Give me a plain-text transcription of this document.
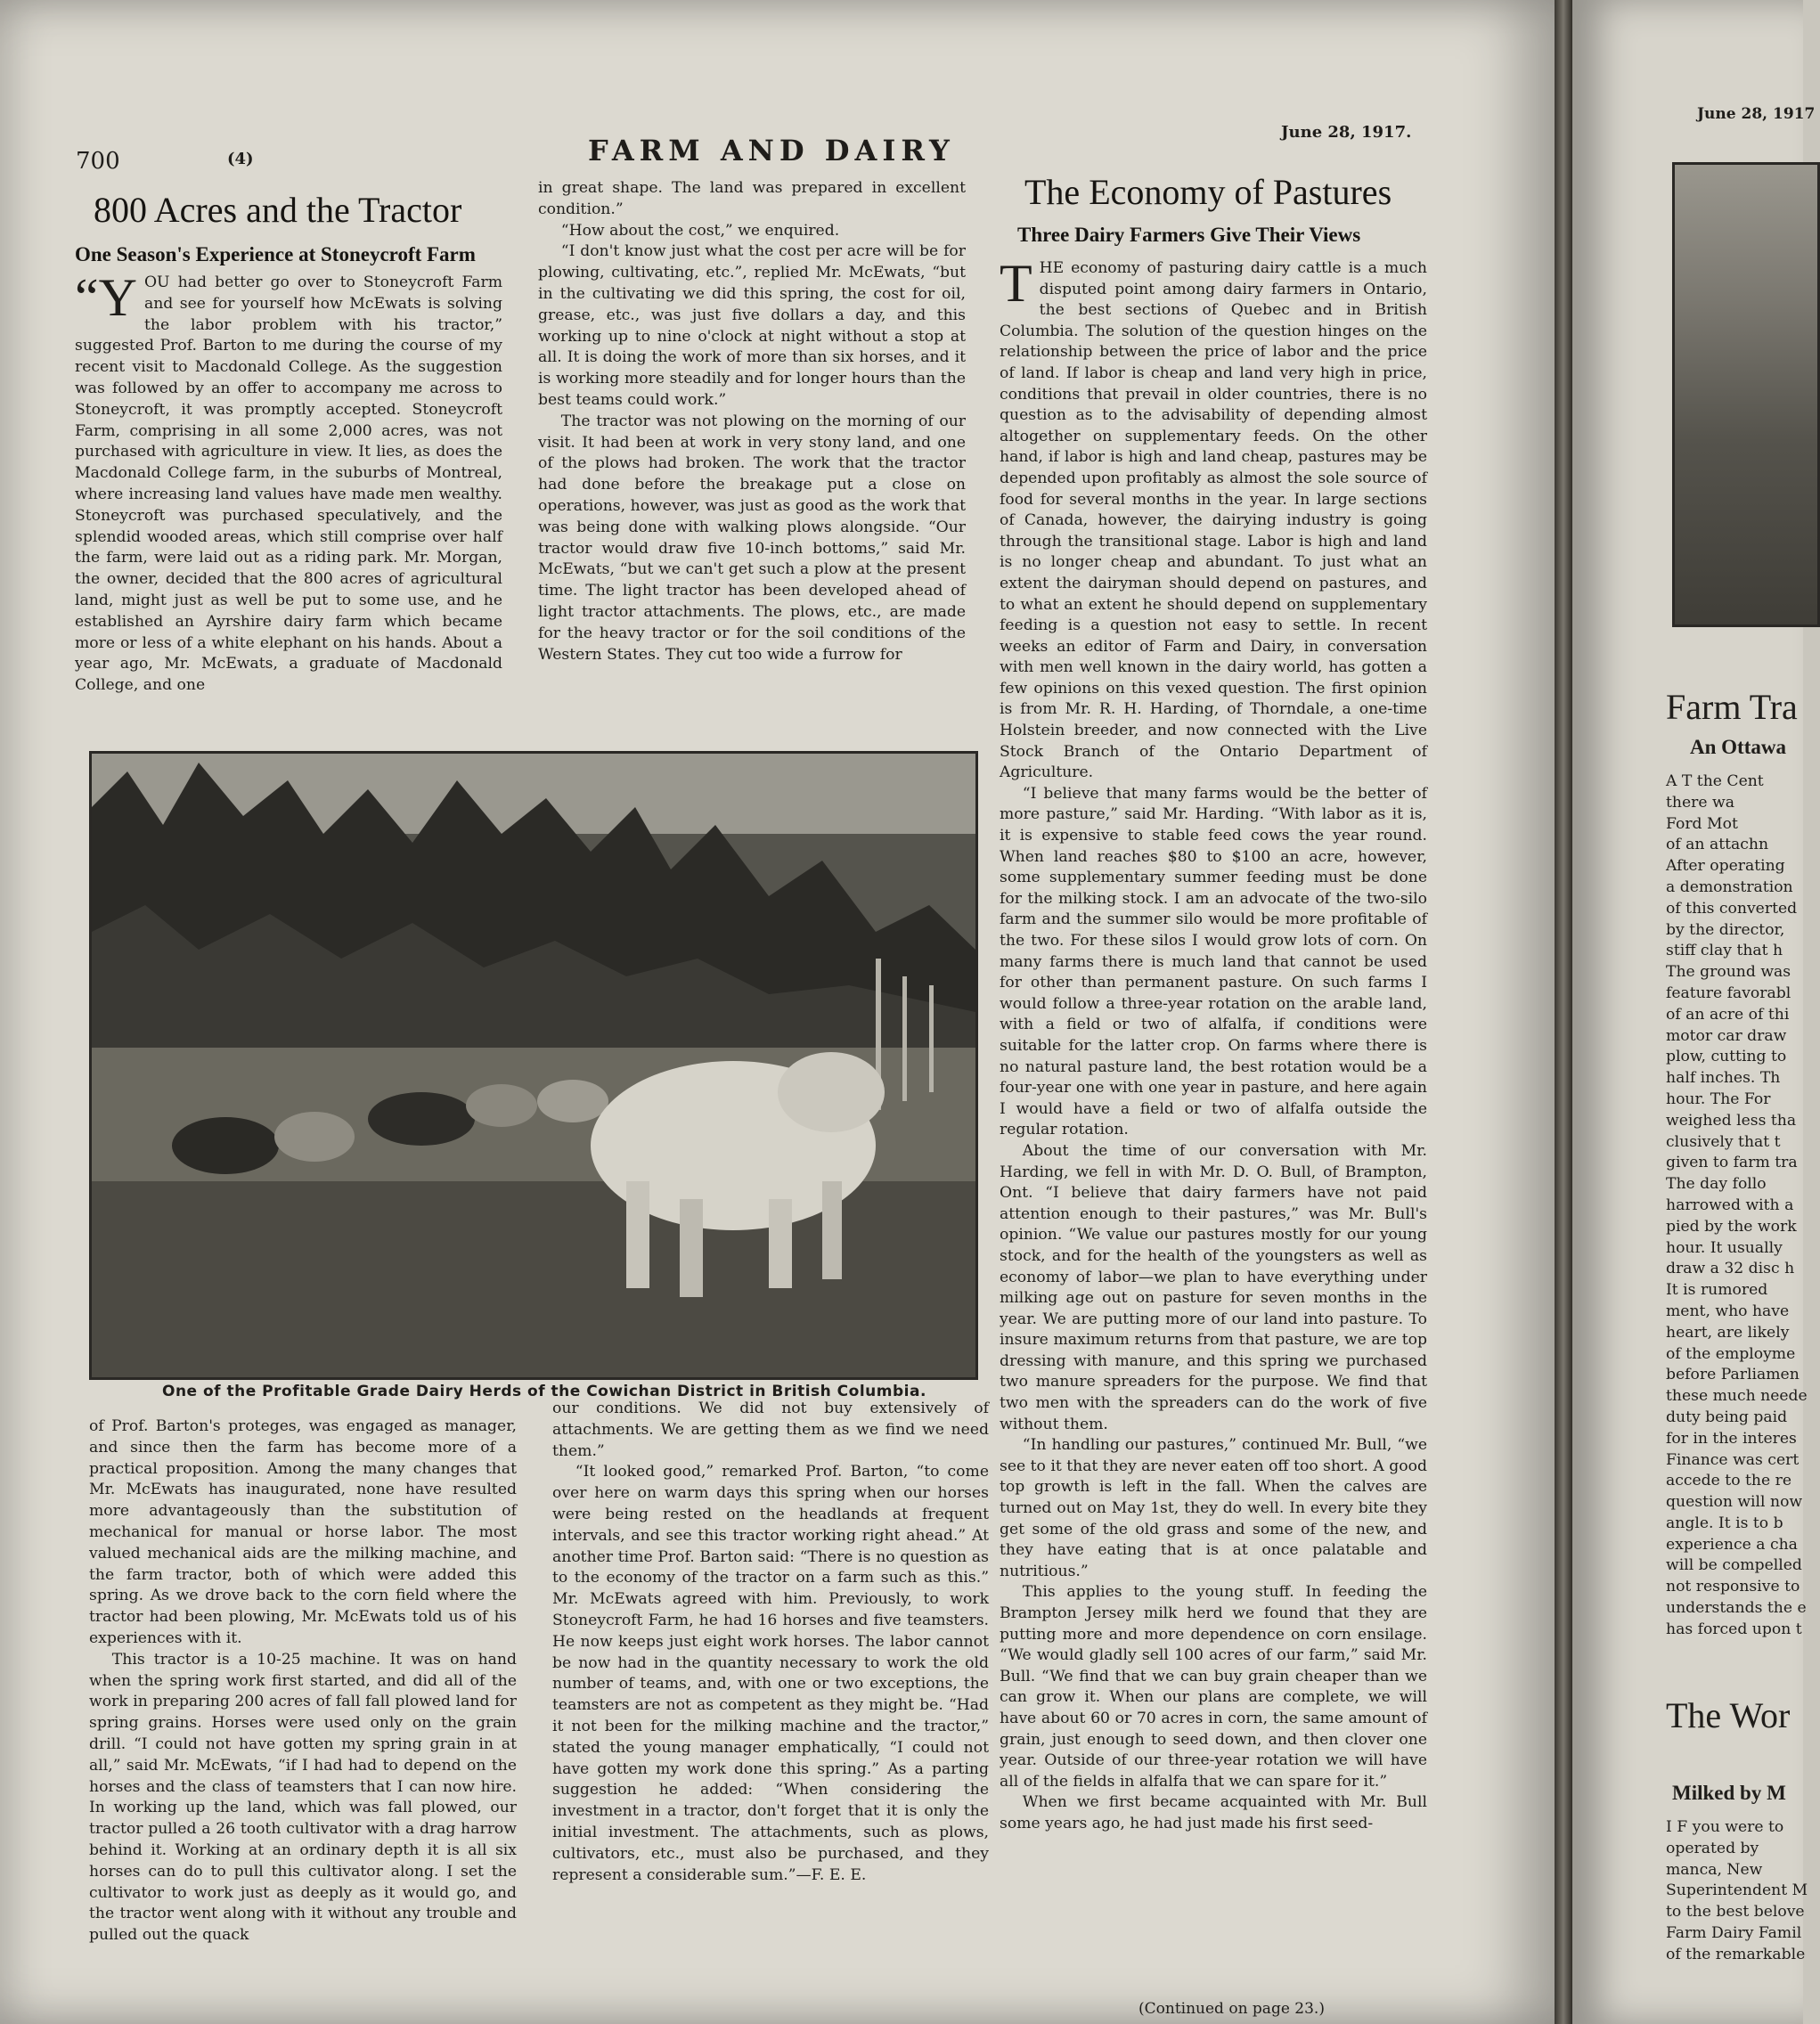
700	(4)	FARM AND DAIRY
June 28, 1917.
800 Acres and the Tractor
One Season's Experience at Stoneycroft Farm

“YOU had better go over to Stoneycroft Farm and see for yourself how McEwats is solving the labor problem with his tractor,” suggested Prof. Barton to me during the course of my recent visit to Macdonald College. As the suggestion was followed by an offer to accompany me across to Stoneycroft, it was promptly accepted. Stoneycroft Farm, comprising in all some 2,000 acres, was not purchased with agriculture in view. It lies, as does the Macdonald College farm, in the suburbs of Montreal, where increasing land values have made men wealthy. Stoneycroft was purchased speculatively, and the splendid wooded areas, which still comprise over half the farm, were laid out as a riding park. Mr. Morgan, the owner, decided that the 800 acres of agricultural land, might just as well be put to some use, and he established an Ayrshire dairy farm which became more or less of a white elephant on his hands. About a year ago, Mr. McEwats, a graduate of Macdonald College, and one

in great shape. The land was prepared in excellent condition.”

“How about the cost,” we enquired.

“I don't know just what the cost per acre will be for plowing, cultivating, etc.”, replied Mr. McEwats, “but in the cultivating we did this spring, the cost for oil, grease, etc., was just five dollars a day, and this working up to nine o'clock at night without a stop at all. It is doing the work of more than six horses, and it is working more steadily and for longer hours than the best teams could work.”

The tractor was not plowing on the morning of our visit. It had been at work in very stony land, and one of the plows had broken. The work that the tractor had done before the breakage put a close on operations, however, was just as good as the work that was being done with walking plows alongside. “Our tractor would draw five 10-inch bottoms,” said Mr. McEwats, “but we can't get such a plow at the present time. The light tractor has been developed ahead of light tractor attachments. The plows, etc., are made for the heavy tractor or for the soil conditions of the Western States. They cut too wide a furrow for

One of the Profitable Grade Dairy Herds of the Cowichan District in British Columbia.

of Prof. Barton's proteges, was engaged as manager, and since then the farm has become more of a practical proposition. Among the many changes that Mr. McEwats has inaugurated, none have resulted more advantageously than the substitution of mechanical for manual or horse labor. The most valued mechanical aids are the milking machine, and the farm tractor, both of which were added this spring. As we drove back to the corn field where the tractor had been plowing, Mr. McEwats told us of his experiences with it.

This tractor is a 10-25 machine. It was on hand when the spring work first started, and did all of the work in preparing 200 acres of fall fall plowed land for spring grains. Horses were used only on the grain drill. “I could not have gotten my spring grain in at all,” said Mr. McEwats, “if I had had to depend on the horses and the class of teamsters that I can now hire. In working up the land, which was fall plowed, our tractor pulled a 26 tooth cultivator with a drag harrow behind it. Working at an ordinary depth it is all six horses can do to pull this cultivator along. I set the cultivator to work just as deeply as it would go, and the tractor went along with it without any trouble and pulled out the quack

our conditions. We did not buy extensively of attachments. We are getting them as we find we need them.”

“It looked good,” remarked Prof. Barton, “to come over here on warm days this spring when our horses were being rested on the headlands at frequent intervals, and see this tractor working right ahead.” At another time Prof. Barton said: “There is no question as to the economy of the tractor on a farm such as this.” Mr. McEwats agreed with him. Previously, to work Stoneycroft Farm, he had 16 horses and five teamsters. He now keeps just eight work horses. The labor cannot be now had in the quantity necessary to work the old number of teams, and, with one or two exceptions, the teamsters are not as competent as they might be. “Had it not been for the milking machine and the tractor,” stated the young manager emphatically, “I could not have gotten my work done this spring.” As a parting suggestion he added: “When considering the investment in a tractor, don't forget that it is only the initial investment. The attachments, such as plows, cultivators, etc., must also be purchased, and they represent a considerable sum.”—F. E. E.

The Economy of Pastures
Three Dairy Farmers Give Their Views

THE economy of pasturing dairy cattle is a much disputed point among dairy farmers in Ontario, the best sections of Quebec and in British Columbia. The solution of the question hinges on the relationship between the price of labor and the price of land. If labor is cheap and land very high in price, conditions that prevail in older countries, there is no question as to the advisability of depending almost altogether on supplementary feeds. On the other hand, if labor is high and land cheap, pastures may be depended upon profitably as almost the sole source of food for several months in the year. In large sections of Canada, however, the dairying industry is going through the transitional stage. Labor is high and land is no longer cheap and abundant. To just what an extent the dairyman should depend on pastures, and to what an extent he should depend on supplementary feeding is a question not easy to settle. In recent weeks an editor of Farm and Dairy, in conversation with men well known in the dairy world, has gotten a few opinions on this vexed question. The first opinion is from Mr. R. H. Harding, of Thorndale, a one-time Holstein breeder, and now connected with the Live Stock Branch of the Ontario Department of Agriculture.

“I believe that many farms would be the better of more pasture,” said Mr. Harding. “With labor as it is, it is expensive to stable feed cows the year round. When land reaches $80 to $100 an acre, however, some supplementary summer feeding must be done for the milking stock. I am an advocate of the two-silo farm and the summer silo would be more profitable of the two. For these silos I would grow lots of corn. On many farms there is much land that cannot be used for other than permanent pasture. On such farms I would follow a three-year rotation on the arable land, with a field or two of alfalfa, if conditions were suitable for the latter crop. On farms where there is no natural pasture land, the best rotation would be a four-year one with one year in pasture, and here again I would have a field or two of alfalfa outside the regular rotation.

About the time of our conversation with Mr. Harding, we fell in with Mr. D. O. Bull, of Brampton, Ont. “I believe that dairy farmers have not paid attention enough to their pastures,” was Mr. Bull's opinion. “We value our pastures mostly for our young stock, and for the health of the youngsters as well as economy of labor—we plan to have everything under milking age out on pasture for seven months in the year. We are putting more of our land into pasture. To insure maximum returns from that pasture, we are top dressing with manure, and this spring we purchased two manure spreaders for the purpose. We find that two men with the spreaders can do the work of five without them.

“In handling our pastures,” continued Mr. Bull, “we see to it that they are never eaten off too short. A good top growth is left in the fall. When the calves are turned out on May 1st, they do well. In every bite they get some of the old grass and some of the new, and they have eating that is at once palatable and nutritious.”

This applies to the young stuff. In feeding the Brampton Jersey milk herd we found that they are putting more and more dependence on corn ensilage. “We would gladly sell 100 acres of our farm,” said Mr. Bull. “We find that we can buy grain cheaper than we can grow it. When our plans are complete, we will have about 60 or 70 acres in corn, the same amount of grain, just enough to seed down, and then clover one year. Outside of our three-year rotation we will have all of the fields in alfalfa that we can spare for it.”

When we first became acquainted with Mr. Bull some years ago, he had just made his first seed-

(Continued on page 23.)
June 28, 1917
Farm Tra
An Ottawa
A T the Cent
there wa
Ford Mot
of an attachn
After operating
a demonstration
of this converted
by the director,
stiff clay that h
The ground was
feature favorabl
of an acre of thi
motor car draw
plow, cutting to
half inches. Th
hour. The For
weighed less tha
clusively that t
given to farm tra
The day follo
harrowed with a
pied by the work
hour. It usually
draw a 32 disc h
It is rumored
ment, who have
heart, are likely
of the employme
before Parliamen
these much neede
duty being paid
for in the interes
Finance was cert
accede to the re
question will now
angle. It is to b
experience a cha
will be compelled
not responsive to
understands the e
has forced upon t
The Wor
Milked by M
I F you were to
operated by
manca, New
Superintendent M
to the best belove
Farm Dairy Famil
of the remarkable
